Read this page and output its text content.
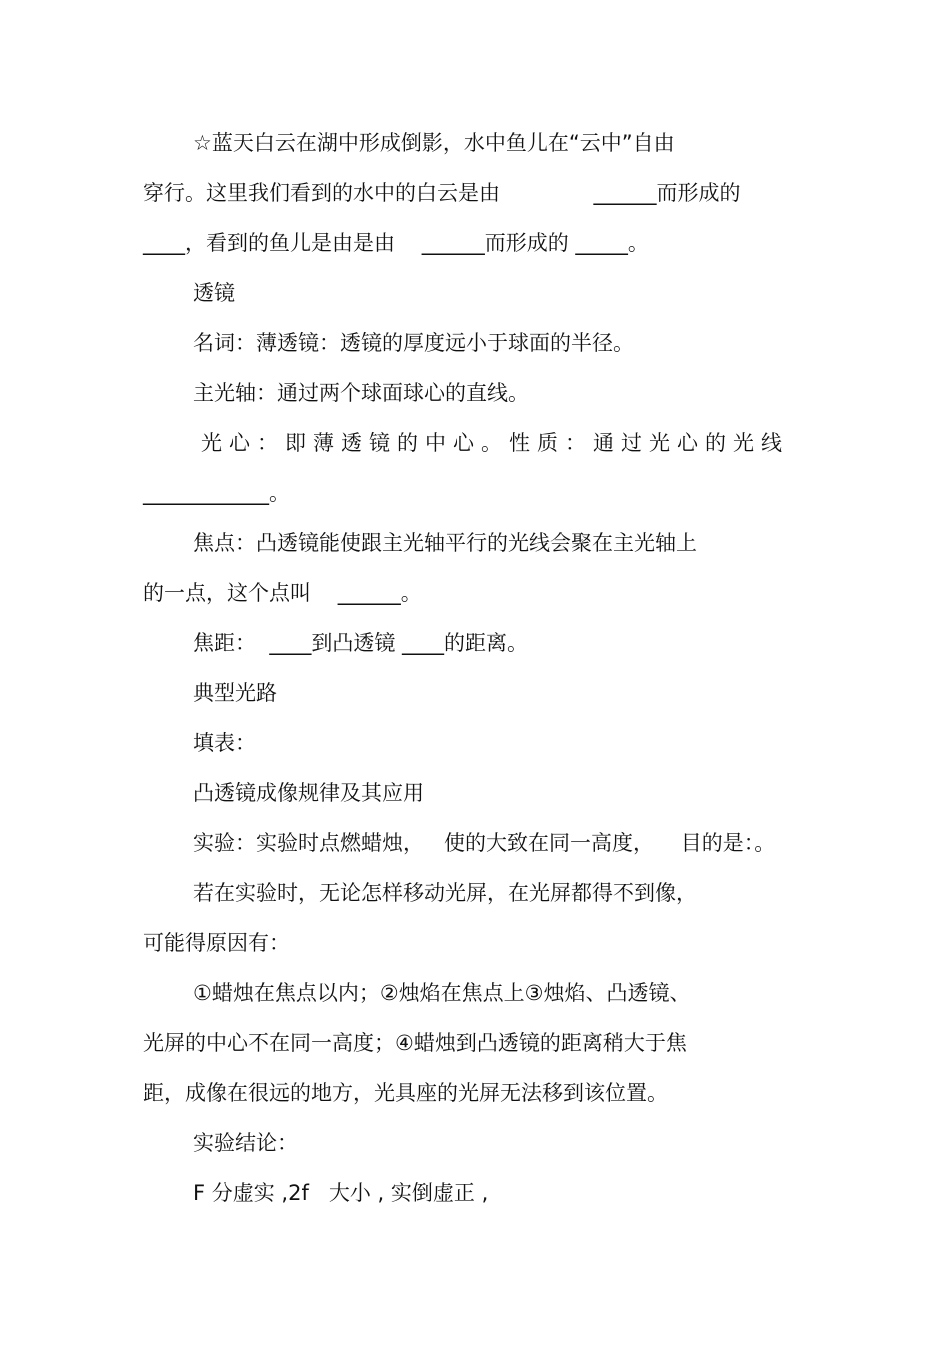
☆蓝天白云在湖中形成倒影，水中鱼儿在“云中”自由
穿行。这里我们看到的水中的白云是由              ______而形成的
____，看到的鱼儿是由是由    ______而形成的 _____。
透镜
名词：薄透镜：透镜的厚度远小于球面的半径。
主光轴：通过两个球面球心的直线。
光心：即薄透镜的中心。性质：通过光心的光线
____________。
焦点：凸透镜能使跟主光轴平行的光线会聚在主光轴上
的一点，这个点叫    ______。
焦距：  ____到凸透镜 ____的距离。
典型光路
填表：
凸透镜成像规律及其应用
实验：实验时点燃蜡烛，   使的大致在同一高度，    目的是：。
若在实验时，无论怎样移动光屏，在光屏都得不到像，
可能得原因有：
①蜡烛在焦点以内；②烛焰在焦点上③烛焰、凸透镜、
光屏的中心不在同一高度；④蜡烛到凸透镜的距离稍大于焦
距，成像在很远的地方，光具座的光屏无法移到该位置。
实验结论：
F 分虚实 ,2f   大小 , 实倒虚正 ,
